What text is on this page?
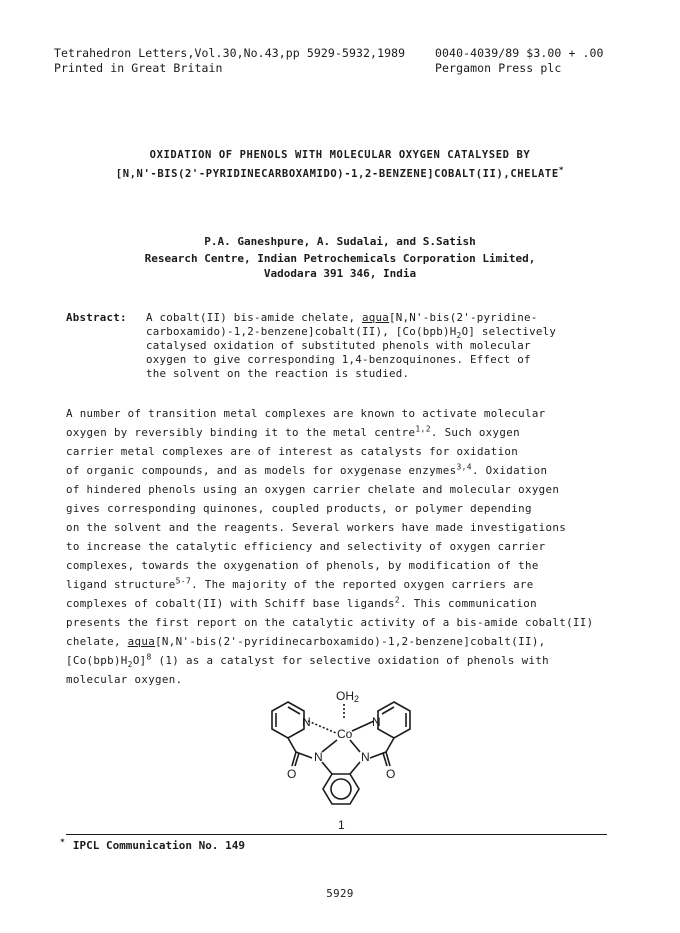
Tetrahedron Letters,Vol.30,No.43,pp 5929-5932,1989
Printed in Great Britain
0040-4039/89 $3.00 + .00
Pergamon Press plc
OXIDATION OF PHENOLS WITH MOLECULAR OXYGEN CATALYSED BY
[N,N'-BIS(2'-PYRIDINECARBOXAMIDO)-1,2-BENZENE]COBALT(II),CHELATE*
P.A. Ganeshpure, A. Sudalai, and S.Satish
Research Centre, Indian Petrochemicals Corporation Limited,
Vadodara 391 346, India
Abstract: A cobalt(II) bis-amide chelate, aqua[N,N'-bis(2'-pyridine-
carboxamido)-1,2-benzene]cobalt(II), $[Co(bpb)H_2O]$ selectively
catalysed oxidation of substituted phenols with molecular
oxygen to give corresponding 1,4-benzoquinones. Effect of
the solvent on the reaction is studied.
A number of transition metal complexes are known to activate molecular
oxygen by reversibly binding it to the metal centre$^{1,2}$. Such oxygen
carrier metal complexes are of interest as catalysts for oxidation
of organic compounds, and as models for oxygenase enzymes$^{3,4}$. Oxidation
of hindered phenols using an oxygen carrier chelate and molecular oxygen
gives corresponding quinones, coupled products, or polymer depending
on the solvent and the reagents. Several workers have made investigations
to increase the catalytic efficiency and selectivity of oxygen carrier
complexes, towards the oxygenation of phenols, by modification of the
ligand structure$^{5-7}$. The majority of the reported oxygen carriers are
complexes of cobalt(II) with Schiff base ligands$^2$. This communication
presents the first report on the catalytic activity of a bis-amide cobalt(II)
chelate, aqua[N,N'-bis(2'-pyridinecarboxamido)-1,2-benzene]cobalt(II),
$[Co(bpb)H_2O]^8$ (1) as a catalyst for selective oxidation of phenols with
molecular oxygen.
OH2
Co
N	N
N	N
O	O
1
* IPCL Communication No. 149
5929
